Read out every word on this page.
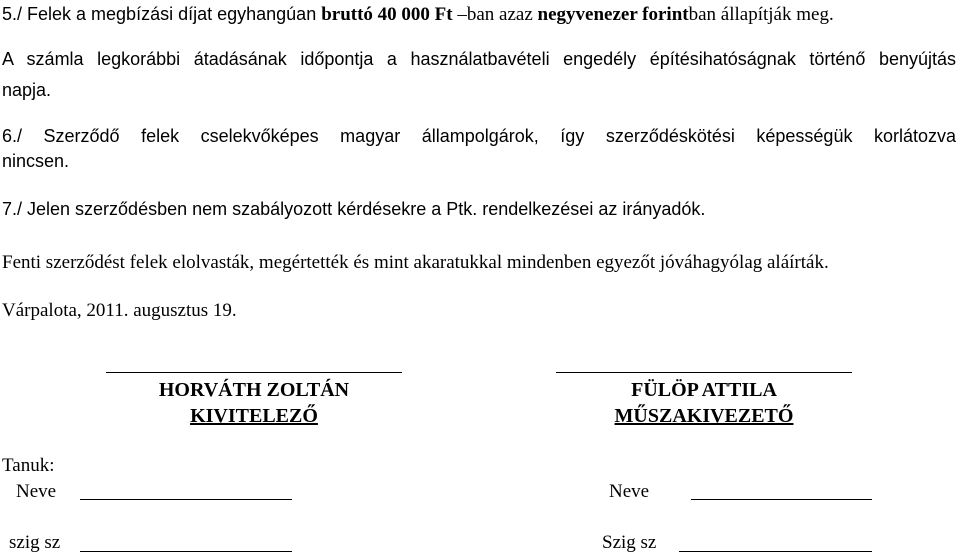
5./ Felek a megbízási díjat egyhangúan bruttó 40 000 Ft –ban azaz negyvenezer forintban állapítják meg.
A számla legkorábbi átadásának időpontja a használatbavételi engedély építésihatóságnak történő benyújtás
napja.
6./ Szerződő felek cselekvőképes magyar állampolgárok, így szerződéskötési képességük korlátozva
nincsen.
7./ Jelen szerződésben nem szabályozott kérdésekre a Ptk. rendelkezései az irányadók.
Fenti szerződést felek elolvasták, megértették és mint akaratukkal mindenben egyezőt jóváhagyólag aláírták.
Várpalota, 2011. augusztus 19.
HORVÁTH ZOLTÁN
KIVITELEZŐ
FÜLÖP ATTILA
MŰSZAKIVEZETŐ
Tanuk:
Neve	Neve
szig sz	Szig sz
